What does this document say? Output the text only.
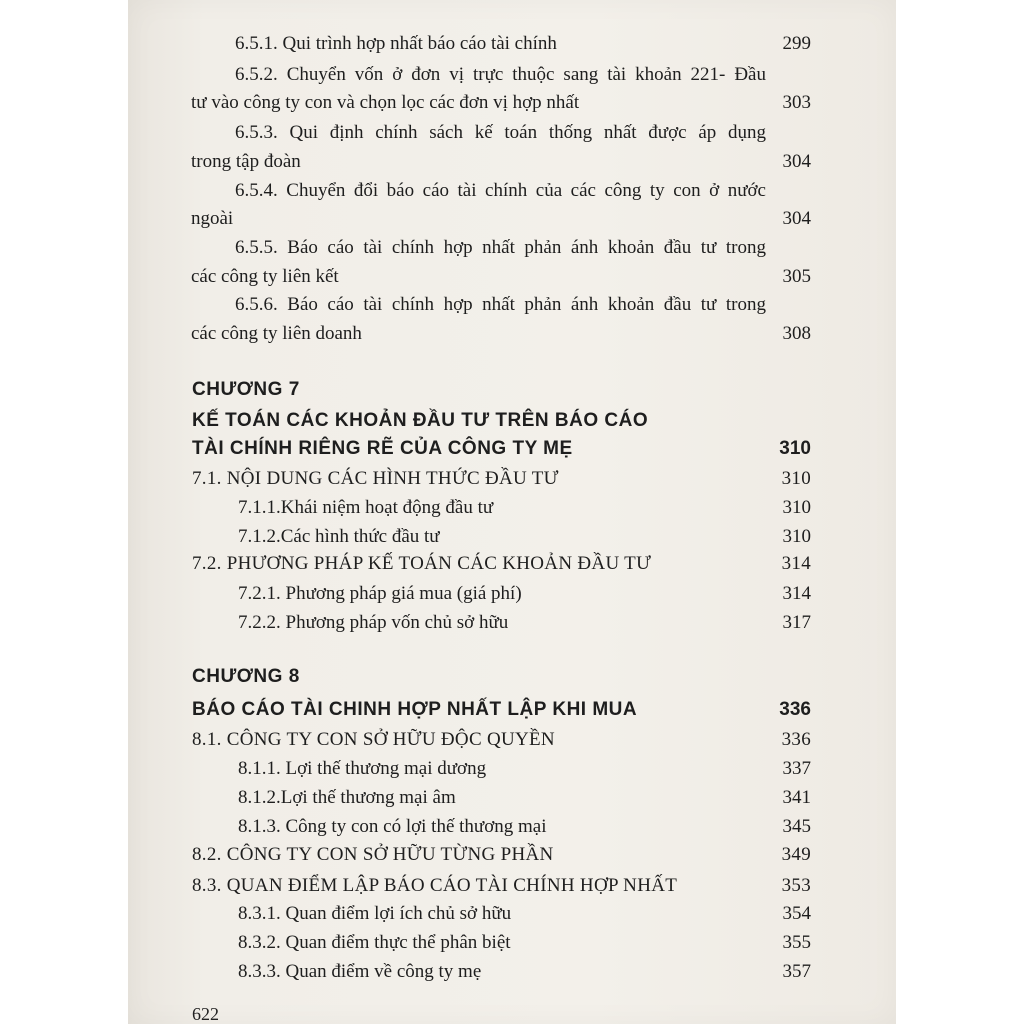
6.5.1. Qui trình hợp nhất báo cáo tài chính	299
6.5.2. Chuyển vốn ở đơn vị trực thuộc sang tài khoản 221- Đầu
tư vào công ty con và chọn lọc các đơn vị hợp nhất	303
6.5.3. Qui định chính sách kế toán thống nhất được áp dụng
trong tập đoàn	304
6.5.4. Chuyển đổi báo cáo tài chính của các công ty con ở nước
ngoài	304
6.5.5. Báo cáo tài chính hợp nhất phản ánh khoản đầu tư trong
các công ty liên kết	305
6.5.6. Báo cáo tài chính hợp nhất phản ánh khoản đầu tư trong
các công ty liên doanh	308
CHƯƠNG 7
KẾ TOÁN CÁC KHOẢN ĐẦU TƯ TRÊN BÁO CÁO
TÀI CHÍNH RIÊNG RẼ CỦA CÔNG TY MẸ	310
7.1. NỘI DUNG CÁC HÌNH THỨC ĐẦU TƯ	310
7.1.1.Khái niệm hoạt động đầu tư	310
7.1.2.Các hình thức đầu tư	310
7.2. PHƯƠNG PHÁP KẾ TOÁN CÁC KHOẢN ĐẦU TƯ	314
7.2.1. Phương pháp giá mua (giá phí)	314
7.2.2. Phương pháp vốn chủ sở hữu	317
CHƯƠNG 8
BÁO CÁO TÀI CHINH HỢP NHẤT LẬP KHI MUA	336
8.1. CÔNG TY CON SỞ HỮU ĐỘC QUYỀN	336
8.1.1. Lợi thế thương mại dương	337
8.1.2.Lợi thế thương mại âm	341
8.1.3. Công ty con có lợi thế thương mại	345
8.2. CÔNG TY CON SỞ HỮU TỪNG PHẦN	349
8.3. QUAN ĐIỂM LẬP BÁO CÁO TÀI CHÍNH HỢP NHẤT	353
8.3.1. Quan điểm lợi ích chủ sở hữu	354
8.3.2. Quan điểm thực thể phân biệt	355
8.3.3. Quan điểm về công ty mẹ	357
622
